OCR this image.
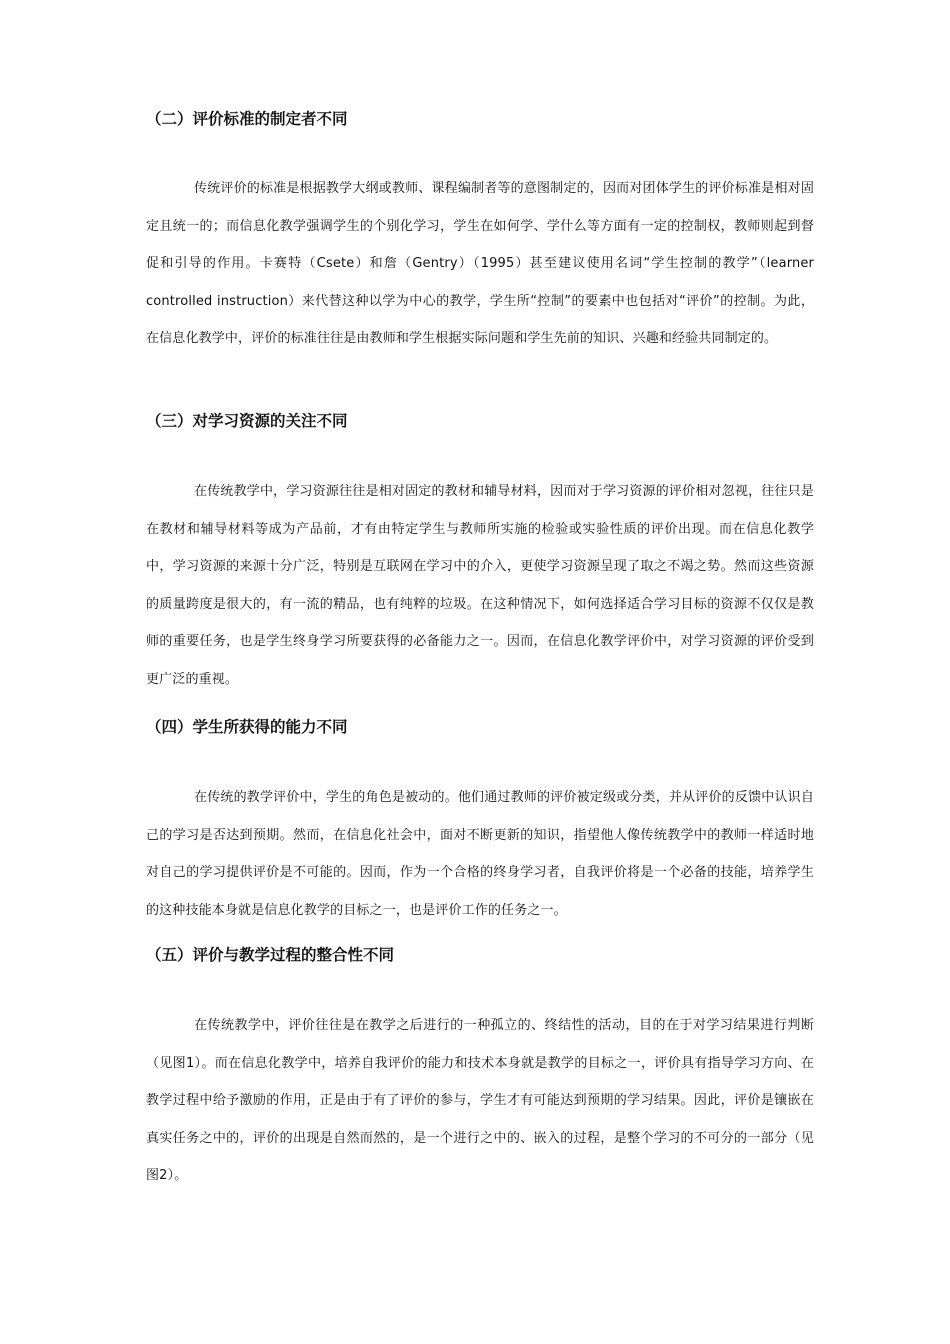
（二）评价标准的制定者不同

传统评价的标准是根据教学大纲或教师、课程编制者等的意图制定的，因而对团体学生的评价标准是相对固定且统一的；而信息化教学强调学生的个别化学习，学生在如何学、学什么等方面有一定的控制权，教师则起到督促和引导的作用。卡赛特（Csete）和詹（Gentry）（1995）甚至建议使用名词“学生控制的教学”（learner controlled instruction）来代替这种以学为中心的教学，学生所“控制”的要素中也包括对“评价”的控制。为此，在信息化教学中，评价的标准往往是由教师和学生根据实际问题和学生先前的知识、兴趣和经验共同制定的。

（三）对学习资源的关注不同

在传统教学中，学习资源往往是相对固定的教材和辅导材料，因而对于学习资源的评价相对忽视，往往只是在教材和辅导材料等成为产品前，才有由特定学生与教师所实施的检验或实验性质的评价出现。而在信息化教学中，学习资源的来源十分广泛，特别是互联网在学习中的介入，更使学习资源呈现了取之不竭之势。然而这些资源的质量跨度是很大的，有一流的精品，也有纯粹的垃圾。在这种情况下，如何选择适合学习目标的资源不仅仅是教师的重要任务，也是学生终身学习所要获得的必备能力之一。因而，在信息化教学评价中，对学习资源的评价受到更广泛的重视。

（四）学生所获得的能力不同

在传统的教学评价中，学生的角色是被动的。他们通过教师的评价被定级或分类，并从评价的反馈中认识自己的学习是否达到预期。然而，在信息化社会中，面对不断更新的知识，指望他人像传统教学中的教师一样适时地对自己的学习提供评价是不可能的。因而，作为一个合格的终身学习者，自我评价将是一个必备的技能，培养学生的这种技能本身就是信息化教学的目标之一，也是评价工作的任务之一。

（五）评价与教学过程的整合性不同

在传统教学中，评价往往是在教学之后进行的一种孤立的、终结性的活动，目的在于对学习结果进行判断（见图1）。而在信息化教学中，培养自我评价的能力和技术本身就是教学的目标之一，评价具有指导学习方向、在教学过程中给予激励的作用，正是由于有了评价的参与，学生才有可能达到预期的学习结果。因此，评价是镶嵌在真实任务之中的，评价的出现是自然而然的，是一个进行之中的、嵌入的过程，是整个学习的不可分的一部分（见图2）。
